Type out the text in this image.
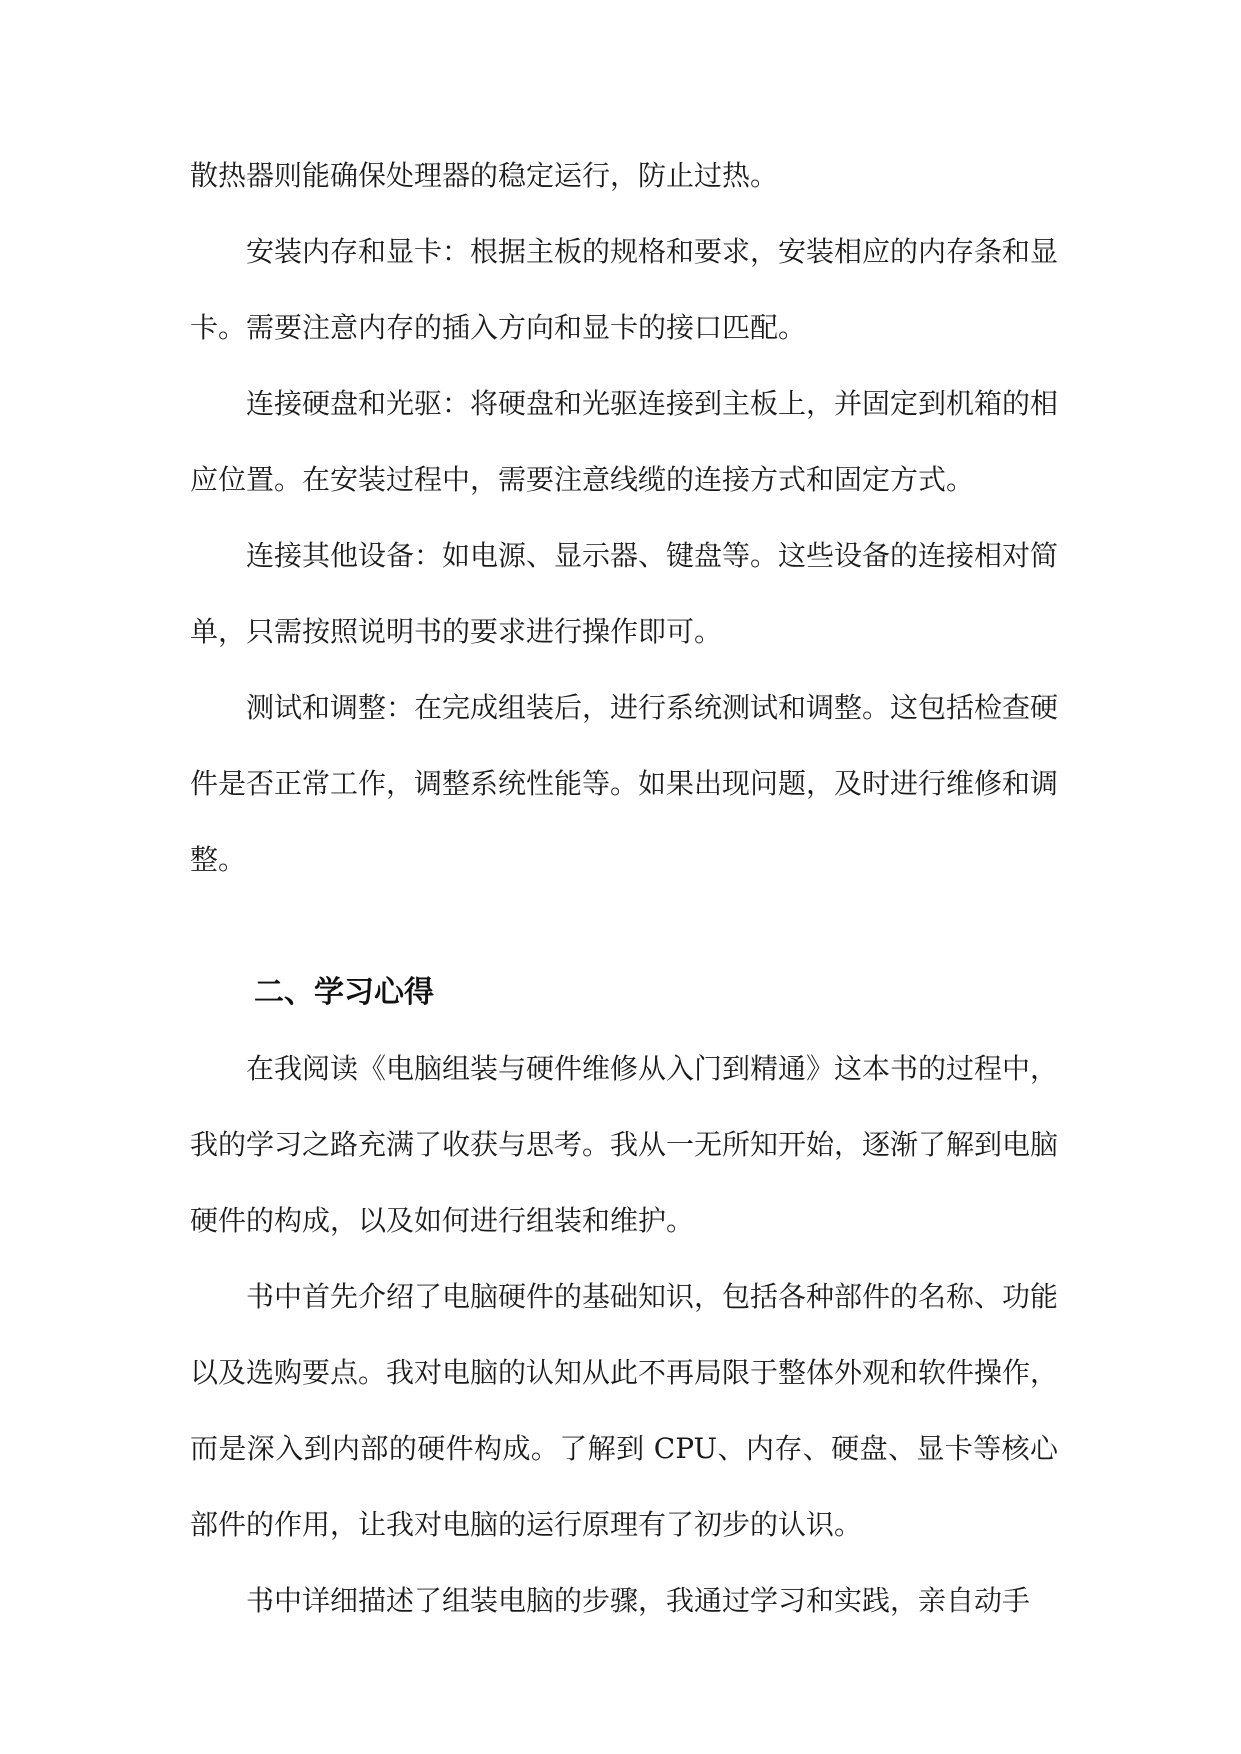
散热器则能确保处理器的稳定运行，防止过热。

安装内存和显卡：根据主板的规格和要求，安装相应的内存条和显卡。需要注意内存的插入方向和显卡的接口匹配。

连接硬盘和光驱：将硬盘和光驱连接到主板上，并固定到机箱的相应位置。在安装过程中，需要注意线缆的连接方式和固定方式。

连接其他设备：如电源、显示器、键盘等。这些设备的连接相对简单，只需按照说明书的要求进行操作即可。

测试和调整：在完成组装后，进行系统测试和调整。这包括检查硬件是否正常工作，调整系统性能等。如果出现问题，及时进行维修和调整。

二、学习心得

在我阅读《电脑组装与硬件维修从入门到精通》这本书的过程中，我的学习之路充满了收获与思考。我从一无所知开始，逐渐了解到电脑硬件的构成，以及如何进行组装和维护。

书中首先介绍了电脑硬件的基础知识，包括各种部件的名称、功能以及选购要点。我对电脑的认知从此不再局限于整体外观和软件操作，而是深入到内部的硬件构成。了解到 CPU、内存、硬盘、显卡等核心部件的作用，让我对电脑的运行原理有了初步的认识。

书中详细描述了组装电脑的步骤，我通过学习和实践，亲自动手
